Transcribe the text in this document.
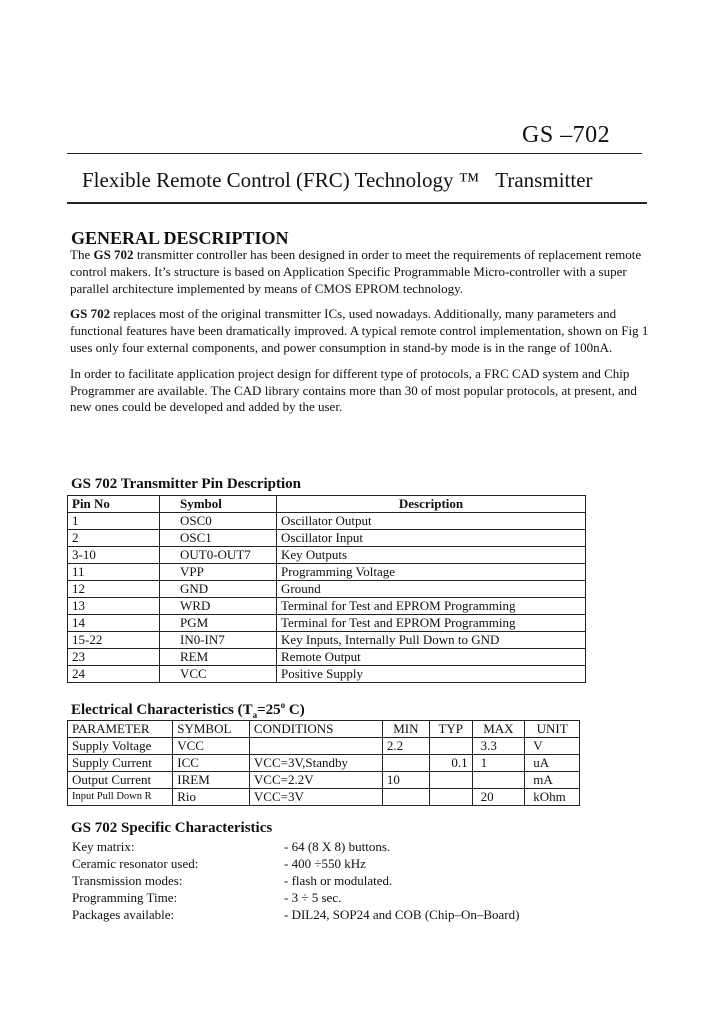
GS –702
Flexible Remote Control (FRC) Technology ™ Transmitter
GENERAL DESCRIPTION

The GS 702 transmitter controller has been designed in order to meet the requirements of replacement remote control makers. It’s structure is based on Application Specific Programmable Micro-controller with a super parallel architecture implemented by means of CMOS EPROM technology.

GS 702 replaces most of the original transmitter ICs, used nowadays. Additionally, many parameters and functional features have been dramatically improved. A typical remote control implementation, shown on Fig 1 uses only four external components, and power consumption in stand-by mode is in the range of 100nA.

In order to facilitate application project design for different type of protocols, a FRC CAD system and Chip Programmer are available. The CAD library contains more than 30 of most popular protocols, at present, and new ones could be developed and added by the user.

GS 702 Transmitter Pin Description
Pin No	Symbol	Description
1	OSC0	Oscillator Output
2	OSC1	Oscillator Input
3-10	OUT0-OUT7	Key Outputs
11	VPP	Programming Voltage
12	GND	Ground
13	WRD	Terminal for Test and EPROM Programming
14	PGM	Terminal for Test and EPROM Programming
15-22	IN0-IN7	Key Inputs, Internally Pull Down to GND
23	REM	Remote Output
24	VCC	Positive Supply
Electrical Characteristics ($T_a=25^o$ C)
PARAMETER	SYMBOL	CONDITIONS	MIN	TYP	MAX	UNIT
Supply Voltage	VCC		2.2		3.3	V
Supply Current	ICC	VCC=3V,Standby		0.1	1	uA
Output Current	IREM	VCC=2.2V	10			mA
Input Pull Down R	Rio	VCC=3V			20	kOhm
GS 702 Specific Characteristics
Key matrix:	- 64 (8 X 8) buttons.
Ceramic resonator used:	- 400 ÷550 kHz
Transmission modes:	- flash or modulated.
Programming Time:	- 3 ÷ 5 sec.
Packages available:	- DIL24, SOP24 and COB (Chip–On–Board)
